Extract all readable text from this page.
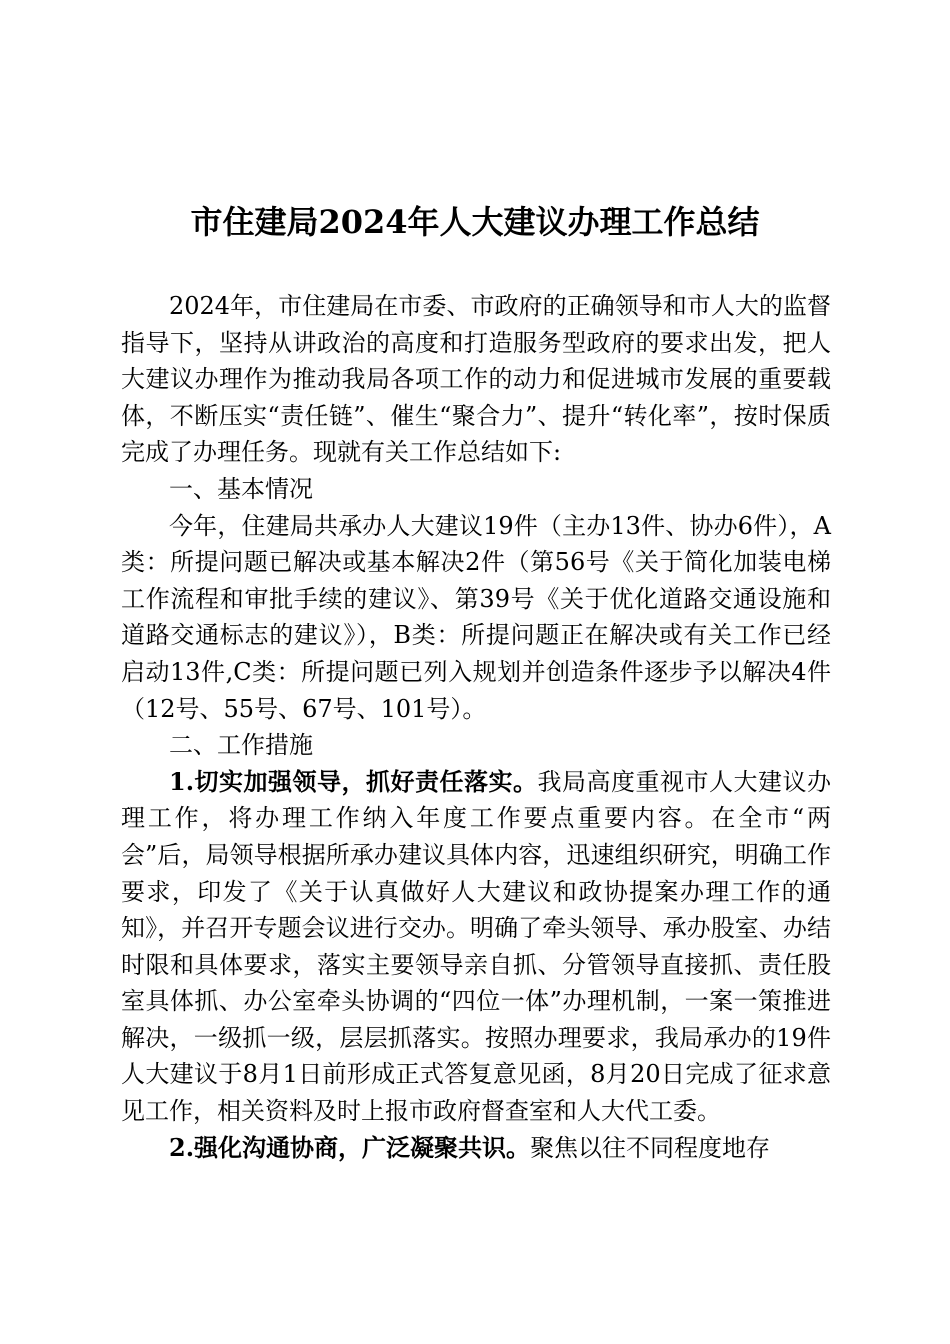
市住建局2024年人大建议办理工作总结

2024年，市住建局在市委、市政府的正确领导和市人大的监督指导下，坚持从讲政治的高度和打造服务型政府的要求出发，把人大建议办理作为推动我局各项工作的动力和促进城市发展的重要载体，不断压实“责任链”、催生“聚合力”、提升“转化率”，按时保质完成了办理任务。现就有关工作总结如下:

一、基本情况

今年，住建局共承办人大建议19件（主办13件、协办6件），A类：所提问题已解决或基本解决2件（第56号《关于简化加装电梯工作流程和审批手续的建议》、第39号《关于优化道路交通设施和道路交通标志的建议》），B类：所提问题正在解决或有关工作已经启动13件,C类：所提问题已列入规划并创造条件逐步予以解决4件（12号、55号、67号、101号）。

二、工作措施

1.切实加强领导，抓好责任落实。我局高度重视市人大建议办理工作，将办理工作纳入年度工作要点重要内容。在全市“两会”后，局领导根据所承办建议具体内容，迅速组织研究，明确工作要求，印发了《关于认真做好人大建议和政协提案办理工作的通知》，并召开专题会议进行交办。明确了牵头领导、承办股室、办结时限和具体要求，落实主要领导亲自抓、分管领导直接抓、责任股室具体抓、办公室牵头协调的“四位一体”办理机制，一案一策推进解决，一级抓一级，层层抓落实。按照办理要求，我局承办的19件人大建议于8月1日前形成正式答复意见函，8月20日完成了征求意见工作，相关资料及时上报市政府督查室和人大代工委。

2.强化沟通协商，广泛凝聚共识。聚焦以往不同程度地存
